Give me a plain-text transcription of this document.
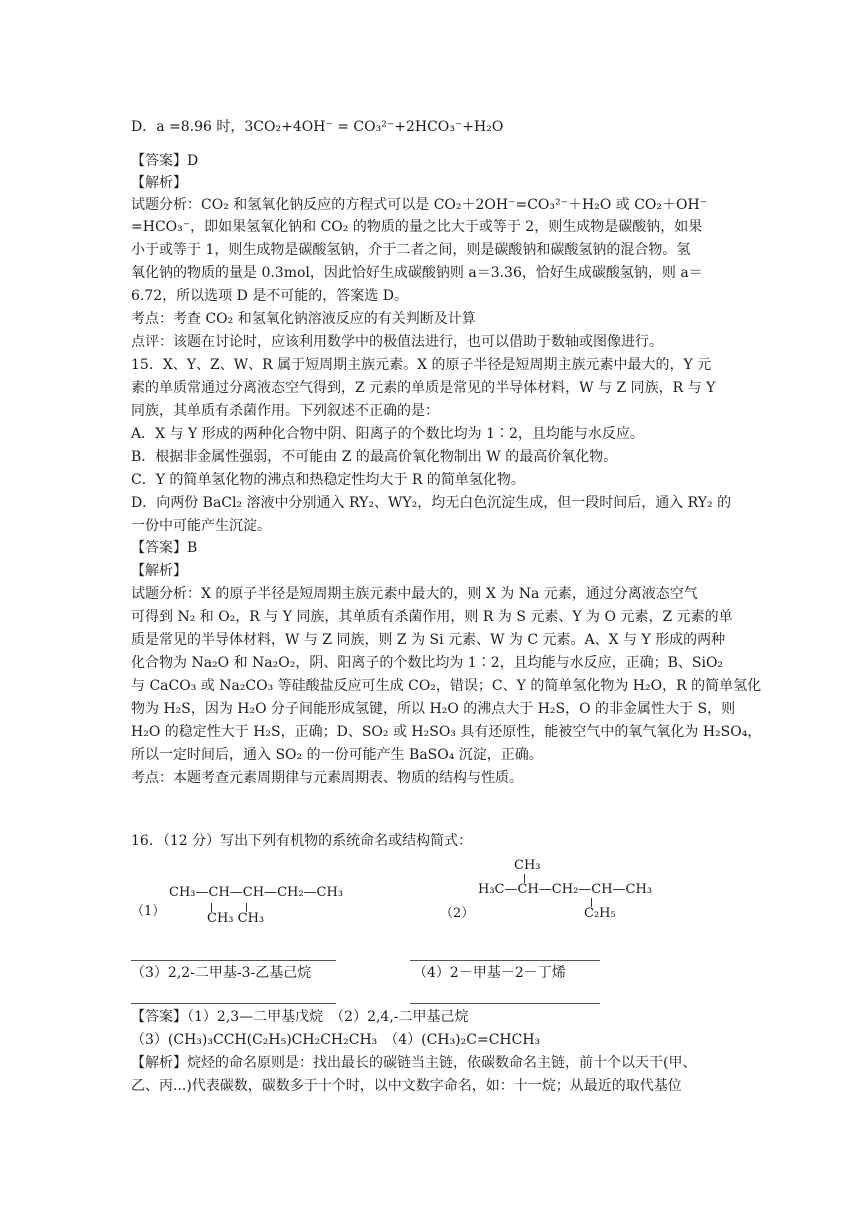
D．a =8.96 时，3CO₂+4OH⁻ = CO₃²⁻+2HCO₃⁻+H₂O
【答案】D
【解析】
试题分析：CO₂ 和氢氧化钠反应的方程式可以是 CO₂＋2OH⁻=CO₃²⁻＋H₂O 或 CO₂＋OH⁻
=HCO₃⁻，即如果氢氧化钠和 CO₂ 的物质的量之比大于或等于 2，则生成物是碳酸钠，如果
小于或等于 1，则生成物是碳酸氢钠，介于二者之间，则是碳酸钠和碳酸氢钠的混合物。氢
氧化钠的物质的量是 0.3mol，因此恰好生成碳酸钠则 a＝3.36，恰好生成碳酸氢钠，则 a＝
6.72，所以选项 D 是不可能的，答案选 D。
考点：考查 CO₂ 和氢氧化钠溶液反应的有关判断及计算
点评：该题在讨论时，应该利用数学中的极值法进行，也可以借助于数轴或图像进行。
15．X、Y、Z、W、R 属于短周期主族元素。X 的原子半径是短周期主族元素中最大的，Y 元
素的单质常通过分离液态空气得到，Z 元素的单质是常见的半导体材料，W 与 Z 同族，R 与 Y
同族，其单质有杀菌作用。下列叙述不正确的是：
A．X 与 Y 形成的两种化合物中阴、阳离子的个数比均为 1∶2，且均能与水反应。
B．根据非金属性强弱，不可能由 Z 的最高价氧化物制出 W 的最高价氧化物。
C．Y 的简单氢化物的沸点和热稳定性均大于 R 的简单氢化物。
D．向两份 BaCl₂ 溶液中分别通入 RY₂、WY₂，均无白色沉淀生成，但一段时间后，通入 RY₂ 的
一份中可能产生沉淀。
【答案】B
【解析】
试题分析：X 的原子半径是短周期主族元素中最大的，则 X 为 Na 元素，通过分离液态空气
可得到 N₂ 和 O₂，R 与 Y 同族，其单质有杀菌作用，则 R 为 S 元素、Y 为 O 元素，Z 元素的单
质是常见的半导体材料，W 与 Z 同族，则 Z 为 Si 元素、W 为 C 元素。A、X 与 Y 形成的两种
化合物为 Na₂O 和 Na₂O₂，阴、阳离子的个数比均为 1∶2，且均能与水反应，正确；B、SiO₂
与 CaCO₃ 或 Na₂CO₃ 等硅酸盐反应可生成 CO₂，错误；C、Y 的简单氢化物为 H₂O，R 的简单氢化
物为 H₂S，因为 H₂O 分子间能形成氢键，所以 H₂O 的沸点大于 H₂S，O 的非金属性大于 S，则
H₂O 的稳定性大于 H₂S，正确；D、SO₂ 或 H₂SO₃ 具有还原性，能被空气中的氧气氧化为 H₂SO₄，
所以一定时间后，通入 SO₂ 的一份可能产生 BaSO₄ 沉淀，正确。
考点：本题考查元素周期律与元素周期表、物质的结构与性质。
16．（12 分）写出下列有机物的系统命名或结构简式：
（1）
CH₃—CH—CH—CH₂—CH₃
CH₃ CH₃	（2）
CH₃
H₃C—CH—CH₂—CH—CH₃
C₂H₅
（3）2,2-二甲基-3-乙基己烷	（4）2－甲基－2－丁烯
【答案】（1）2,3—二甲基戊烷　（2）2,4,-二甲基己烷
（3）(CH₃)₃CCH(C₂H₅)CH₂CH₂CH₃　（4）(CH₃)₂C=CHCH₃
【解析】烷烃的命名原则是：找出最长的碳链当主链，依碳数命名主链，前十个以天干(甲、
乙、丙...)代表碳数，碳数多于十个时，以中文数字命名，如：十一烷；从最近的取代基位
